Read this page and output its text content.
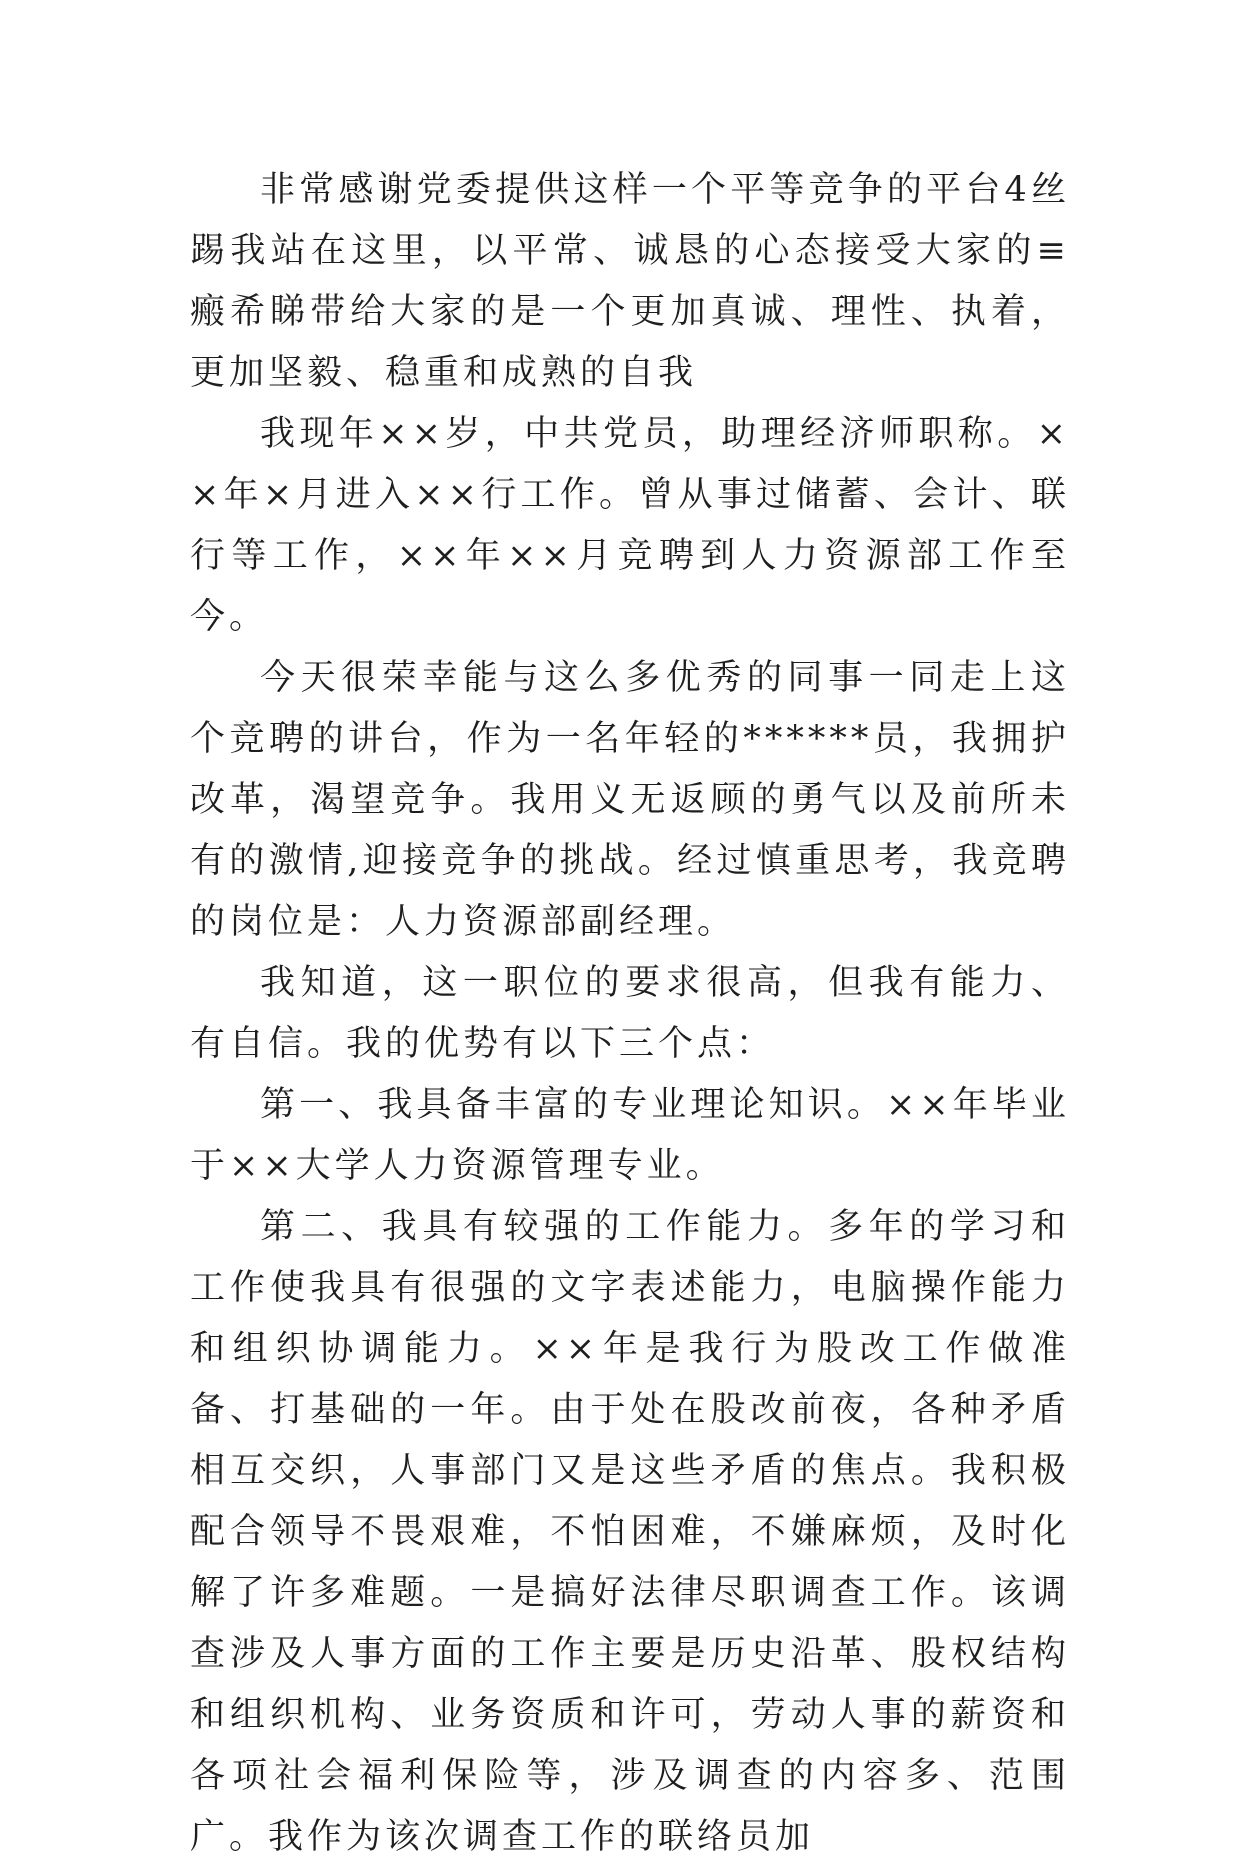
非常感谢党委提供这样一个平等竞争的平台4丝踢我站在这里，以平常、诚恳的心态接受大家的≡瘢希睇带给大家的是一个更加真诚、理性、执着，更加坚毅、稳重和成熟的自我

我现年××岁，中共党员，助理经济师职称。××年×月进入××行工作。曾从事过储蓄、会计、联行等工作，××年××月竞聘到人力资源部工作至今。

今天很荣幸能与这么多优秀的同事一同走上这个竞聘的讲台，作为一名年轻的******员，我拥护改革，渴望竞争。我用义无返顾的勇气以及前所未有的激情,迎接竞争的挑战。经过慎重思考，我竞聘的岗位是：人力资源部副经理。

我知道，这一职位的要求很高，但我有能力、有自信。我的优势有以下三个点：

第一、我具备丰富的专业理论知识。××年毕业于××大学人力资源管理专业。

第二、我具有较强的工作能力。多年的学习和工作使我具有很强的文字表述能力，电脑操作能力和组织协调能力。××年是我行为股改工作做准备、打基础的一年。由于处在股改前夜，各种矛盾相互交织，人事部门又是这些矛盾的焦点。我积极配合领导不畏艰难，不怕困难，不嫌麻烦，及时化解了许多难题。一是搞好法律尽职调查工作。该调查涉及人事方面的工作主要是历史沿革、股权结构和组织机构、业务资质和许可，劳动人事的薪资和各项社会福利保险等，涉及调查的内容多、范围广。我作为该次调查工作的联络员加
